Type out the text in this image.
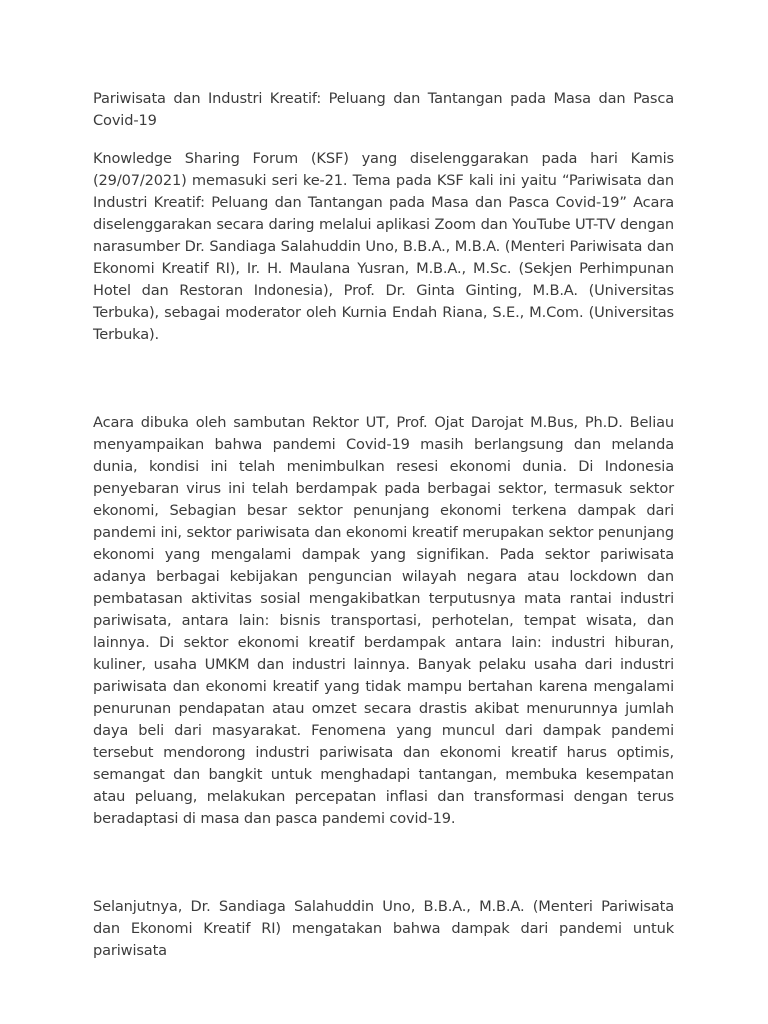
Pariwisata dan Industri Kreatif: Peluang dan Tantangan pada Masa dan Pasca Covid-19

Knowledge Sharing Forum (KSF) yang diselenggarakan pada hari Kamis (29/07/2021) memasuki seri ke-21. Tema pada KSF kali ini yaitu “Pariwisata dan Industri Kreatif: Peluang dan Tantangan pada Masa dan Pasca Covid-19” Acara diselenggarakan secara daring melalui aplikasi Zoom dan YouTube UT-TV dengan narasumber Dr. Sandiaga Salahuddin Uno, B.B.A., M.B.A. (Menteri Pariwisata dan Ekonomi Kreatif RI), Ir. H. Maulana Yusran, M.B.A., M.Sc. (Sekjen Perhimpunan Hotel dan Restoran Indonesia), Prof. Dr. Ginta Ginting, M.B.A. (Universitas Terbuka), sebagai moderator oleh Kurnia Endah Riana, S.E., M.Com. (Universitas Terbuka).

Acara dibuka oleh sambutan Rektor UT, Prof. Ojat Darojat M.Bus, Ph.D. Beliau menyampaikan bahwa pandemi Covid-19 masih berlangsung dan melanda dunia, kondisi ini telah menimbulkan resesi ekonomi dunia. Di Indonesia penyebaran virus ini telah berdampak pada berbagai sektor, termasuk sektor ekonomi, Sebagian besar sektor penunjang ekonomi terkena dampak dari pandemi ini, sektor pariwisata dan ekonomi kreatif merupakan sektor penunjang ekonomi yang mengalami dampak yang signifikan. Pada sektor pariwisata adanya berbagai kebijakan penguncian wilayah negara atau lockdown dan pembatasan aktivitas sosial mengakibatkan terputusnya mata rantai industri pariwisata, antara lain: bisnis transportasi, perhotelan, tempat wisata, dan lainnya. Di sektor ekonomi kreatif berdampak antara lain: industri hiburan, kuliner, usaha UMKM dan industri lainnya. Banyak pelaku usaha dari industri pariwisata dan ekonomi kreatif yang tidak mampu bertahan karena mengalami penurunan pendapatan atau omzet secara drastis akibat menurunnya jumlah daya beli dari masyarakat. Fenomena yang muncul dari dampak pandemi tersebut mendorong industri pariwisata dan ekonomi kreatif harus optimis, semangat dan bangkit untuk menghadapi tantangan, membuka kesempatan atau peluang, melakukan percepatan inflasi dan transformasi dengan terus beradaptasi di masa dan pasca pandemi covid-19.

Selanjutnya, Dr. Sandiaga Salahuddin Uno, B.B.A., M.B.A. (Menteri Pariwisata dan Ekonomi Kreatif RI) mengatakan bahwa dampak dari pandemi untuk pariwisata
